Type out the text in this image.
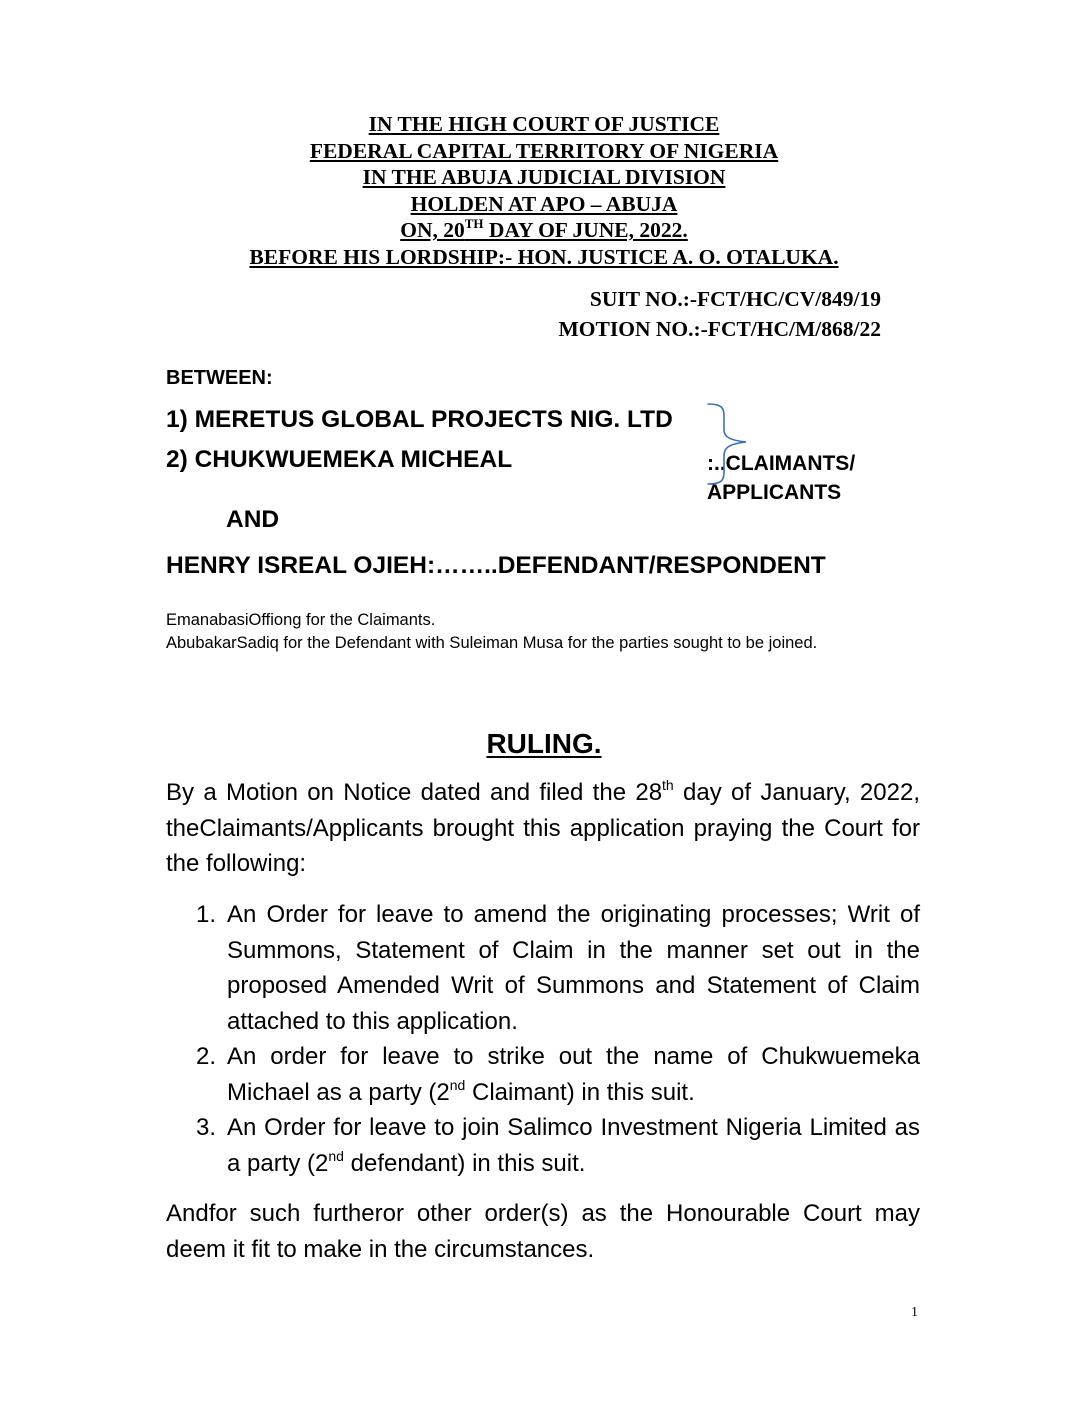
IN THE HIGH COURT OF JUSTICE
FEDERAL CAPITAL TERRITORY OF NIGERIA
IN THE ABUJA JUDICIAL DIVISION
HOLDEN AT APO – ABUJA
ON, 20TH DAY OF JUNE, 2022.
BEFORE HIS LORDSHIP:- HON. JUSTICE A. O. OTALUKA.
SUIT NO.:-FCT/HC/CV/849/19
MOTION NO.:-FCT/HC/M/868/22
BETWEEN:
1) MERETUS GLOBAL PROJECTS NIG. LTD
2) CHUKWUEMEKA MICHEAL	:..CLAIMANTS/
APPLICANTS
AND
HENRY ISREAL OJIEH:……..DEFENDANT/RESPONDENT
EmanabasiOffiong for the Claimants.
AbubakarSadiq for the Defendant with Suleiman Musa for the parties sought to be joined.
RULING.
By a Motion on Notice dated and filed the 28th day of January, 2022, theClaimants/Applicants brought this application praying the Court for the following:
1. An Order for leave to amend the originating processes; Writ of Summons, Statement of Claim in the manner set out in the proposed Amended Writ of Summons and Statement of Claim attached to this application.
2. An order for leave to strike out the name of Chukwuemeka Michael as a party (2nd Claimant) in this suit.
3. An Order for leave to join Salimco Investment Nigeria Limited as a party (2nd defendant) in this suit.
Andfor such furtheror other order(s) as the Honourable Court may deem it fit to make in the circumstances.
1
